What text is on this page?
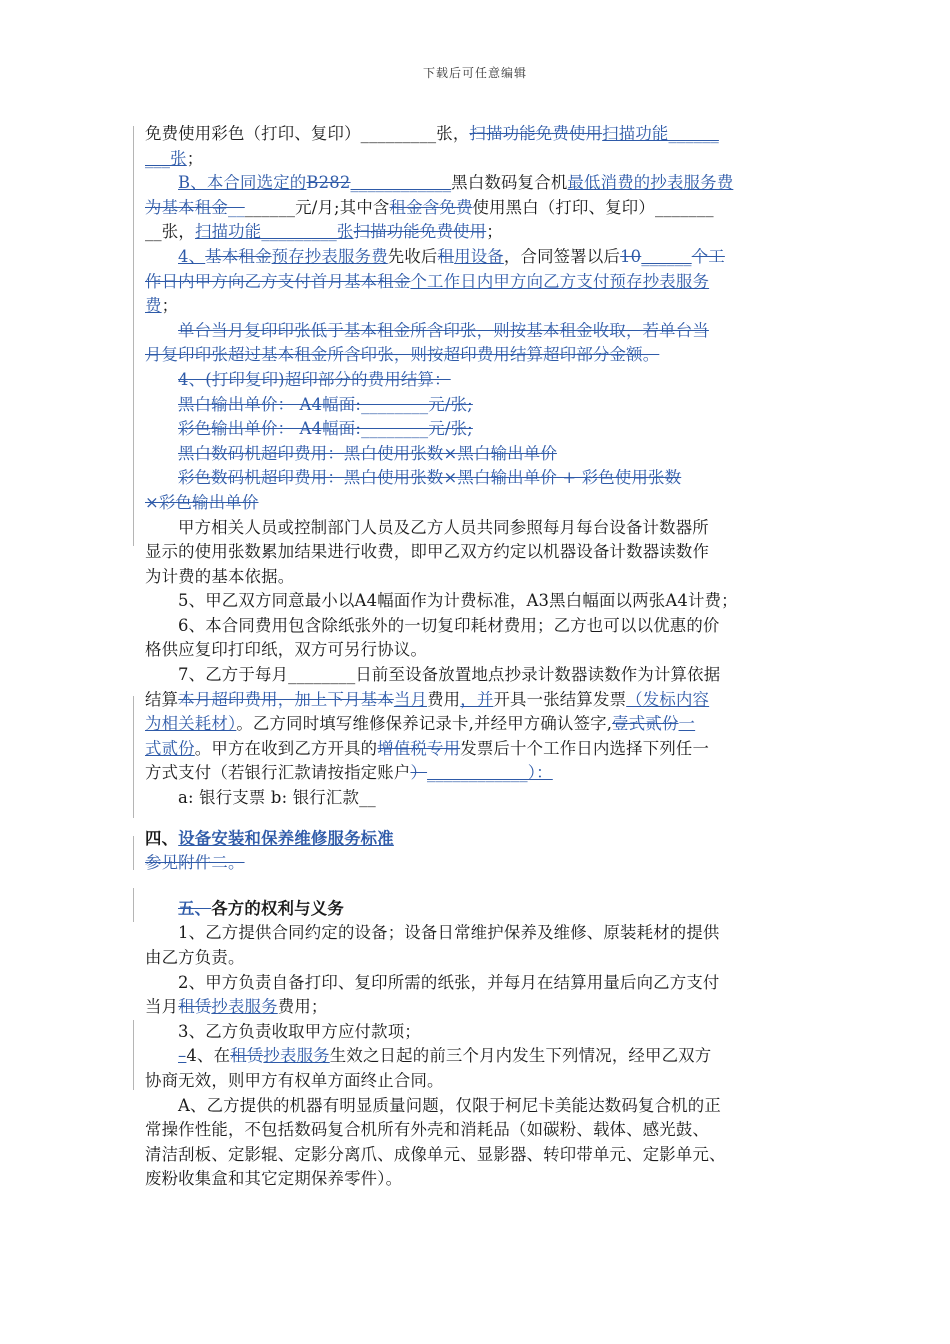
下载后可任意编辑

免费使用彩色（打印、复印）_________张，扫描功能免费使用扫描功能______

___张；

B、本合同选定的B282____________黑白数码复合机最低消费的抄表服务费

为基本租金________元/月;其中含租金含免费使用黑白（打印、复印）_______

__张，扫描功能_________张扫描功能免费使用；

4、基本租金预存抄表服务费先收后租用设备，合同签署以后10______个工

作日内甲方向乙方支付首月基本租金个工作日内甲方向乙方支付预存抄表服务

费；

单台当月复印印张低于基本租金所含印张，则按基本租金收取，若单台当

月复印印张超过基本租金所含印张，则按超印费用结算超印部分金额。

4、(打印复印)超印部分的费用结算：

黑白输出单价： A4幅面:________元/张;

彩色输出单价： A4幅面:________元/张;

黑白数码机超印费用：黑白使用张数×黑白输出单价

彩色数码机超印费用：黑白使用张数×黑白输出单价 + 彩色使用张数

×彩色输出单价

甲方相关人员或控制部门人员及乙方人员共同参照每月每台设备计数器所

显示的使用张数累加结果进行收费，即甲乙双方约定以机器设备计数器读数作

为计费的基本依据。

5、甲乙双方同意最小以A4幅面作为计费标准，A3黑白幅面以两张A4计费；

6、本合同费用包含除纸张外的一切复印耗材费用；乙方也可以以优惠的价

格供应复印打印纸，双方可另行协议。

7、乙方于每月________日前至设备放置地点抄录计数器读数作为计算依据

结算本月超印费用，加上下月基本当月费用，并开具一张结算发票（发标内容

为相关耗材）。乙方同时填写维修保养记录卡,并经甲方确认签字,壹式贰份一

式贰份。甲方在收到乙方开具的增值税专用发票后十个工作日内选择下列任一

方式支付（若银行汇款请按指定账户）____________）：

a: 银行支票 b: 银行汇款__

四、设备安装和保养维修服务标准

参见附件二。

五、各方的权利与义务

1、乙方提供合同约定的设备；设备日常维护保养及维修、原装耗材的提供

由乙方负责。

2、甲方负责自备打印、复印所需的纸张，并每月在结算用量后向乙方支付

当月租赁抄表服务费用；

3、乙方负责收取甲方应付款项；

–4、在租赁抄表服务生效之日起的前三个月内发生下列情况，经甲乙双方

协商无效，则甲方有权单方面终止合同。

A、乙方提供的机器有明显质量问题，仅限于柯尼卡美能达数码复合机的正

常操作性能，不包括数码复合机所有外壳和消耗品（如碳粉、载体、感光鼓、

清洁刮板、定影辊、定影分离爪、成像单元、显影器、转印带单元、定影单元、

废粉收集盒和其它定期保养零件）。
